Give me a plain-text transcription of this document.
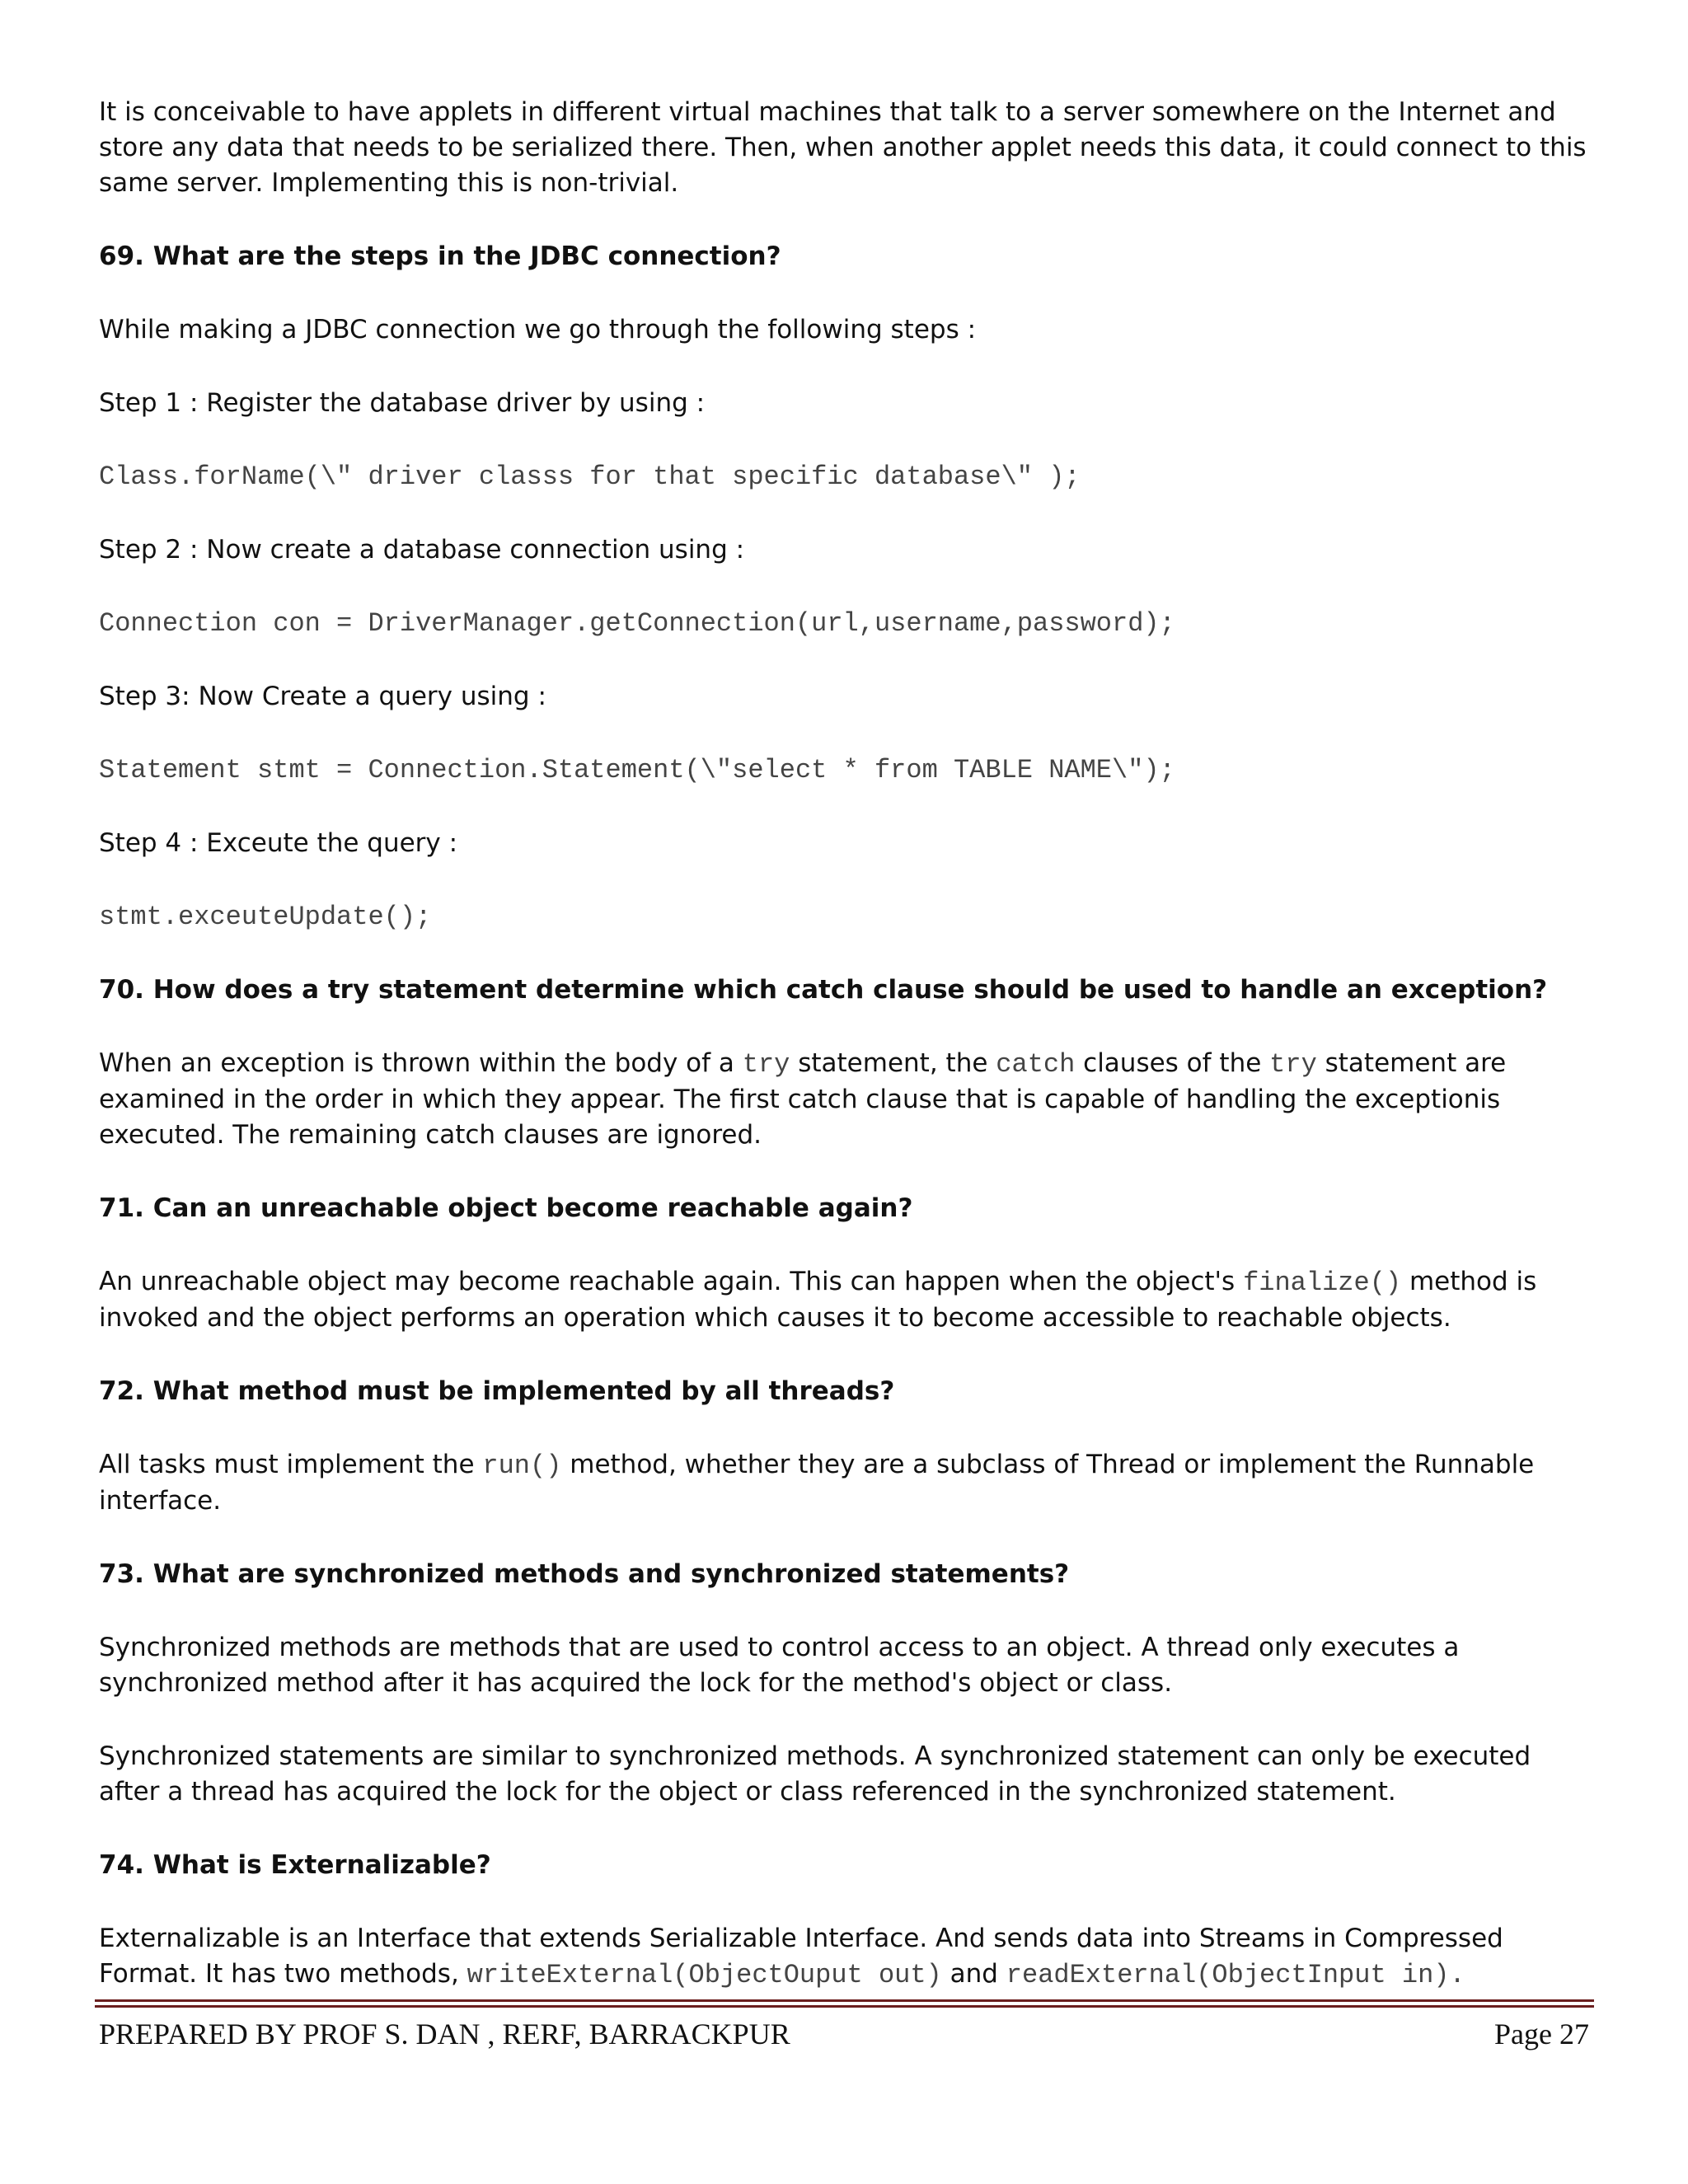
It is conceivable to have applets in different virtual machines that talk to a server somewhere on the Internet and store any data that needs to be serialized there. Then, when another applet needs this data, it could connect to this same server. Implementing this is non-trivial.

69. What are the steps in the JDBC connection?

While making a JDBC connection we go through the following steps :

Step 1 : Register the database driver by using :

Class.forName(\" driver classs for that specific database\" );

Step 2 : Now create a database connection using :

Connection con = DriverManager.getConnection(url,username,password);

Step 3: Now Create a query using :

Statement stmt = Connection.Statement(\"select * from TABLE NAME\");

Step 4 : Exceute the query :

stmt.exceuteUpdate();

70. How does a try statement determine which catch clause should be used to handle an exception?

When an exception is thrown within the body of a try statement, the catch clauses of the try statement are examined in the order in which they appear. The first catch clause that is capable of handling the exceptionis executed. The remaining catch clauses are ignored.

71. Can an unreachable object become reachable again?

An unreachable object may become reachable again. This can happen when the object's finalize() method is invoked and the object performs an operation which causes it to become accessible to reachable objects.

72. What method must be implemented by all threads?

All tasks must implement the run() method, whether they are a subclass of Thread or implement the Runnable interface.

73. What are synchronized methods and synchronized statements?

Synchronized methods are methods that are used to control access to an object. A thread only executes a synchronized method after it has acquired the lock for the method's object or class.

Synchronized statements are similar to synchronized methods. A synchronized statement can only be executed after a thread has acquired the lock for the object or class referenced in the synchronized statement.

74. What is Externalizable?

Externalizable is an Interface that extends Serializable Interface. And sends data into Streams in Compressed Format. It has two methods, writeExternal(ObjectOuput out) and readExternal(ObjectInput in).

PREPARED BY PROF S. DAN , RERF, BARRACKPUR	Page 27
